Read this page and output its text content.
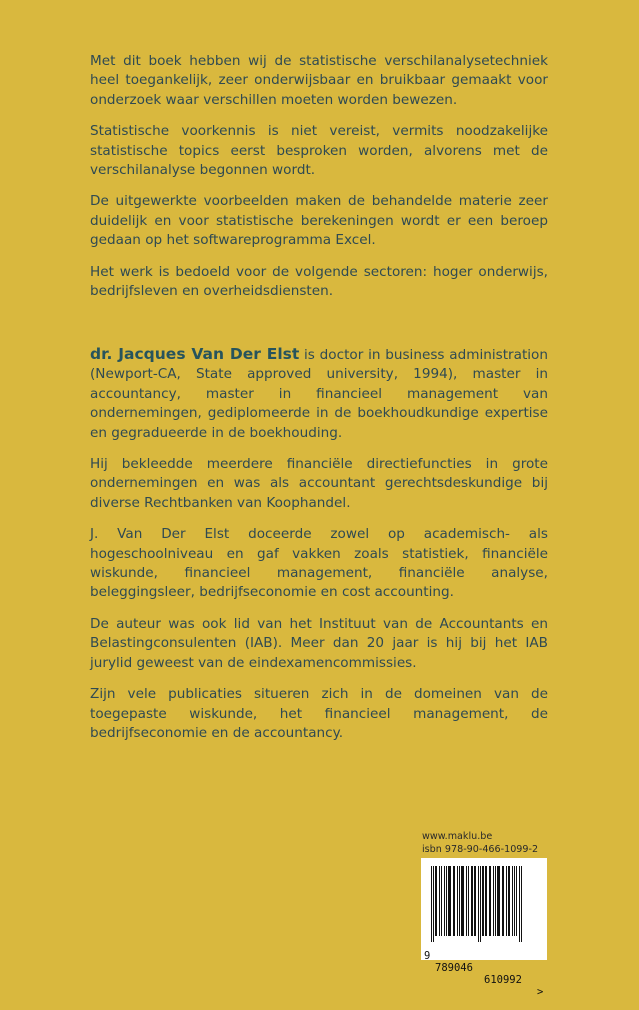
Met dit boek hebben wij de statistische verschilanalysetechniek heel toegankelijk, zeer onderwijsbaar en bruikbaar gemaakt voor onderzoek waar verschillen moeten worden bewezen.

Statistische voorkennis is niet vereist, vermits noodzakelijke statistische topics eerst besproken worden, alvorens met de verschilanalyse begonnen wordt.

De uitgewerkte voorbeelden maken de behandelde materie zeer duidelijk en voor statistische berekeningen wordt er een beroep gedaan op het softwareprogramma Excel.

Het werk is bedoeld voor de volgende sectoren: hoger onderwijs, bedrijfsleven en overheidsdiensten.

dr. Jacques Van Der Elst is doctor in business administration (Newport-CA, State approved university, 1994), master in accountancy, master in financieel management van ondernemingen, gediplomeerde in de boekhoudkundige expertise en gegradueerde in de boekhouding.

Hij bekleedde meerdere financiële directiefuncties in grote ondernemingen en was als accountant gerechtsdeskundige bij diverse Rechtbanken van Koophandel.

J. Van Der Elst doceerde zowel op academisch- als hogeschoolniveau en gaf vakken zoals statistiek, financiële wiskunde, financieel management, financiële analyse, beleggingsleer, bedrijfseconomie en cost accounting.

De auteur was ook lid van het Instituut van de Accountants en Belastingconsulenten (IAB). Meer dan 20 jaar is hij bij het IAB jurylid geweest van de eindexamencommissies.

Zijn vele publicaties situeren zich in de domeinen van de toegepaste wiskunde, het financieel management, de bedrijfseconomie en de accountancy.

www.maklu.be
isbn 978-90-466-1099-2

9

789046

610992

>
